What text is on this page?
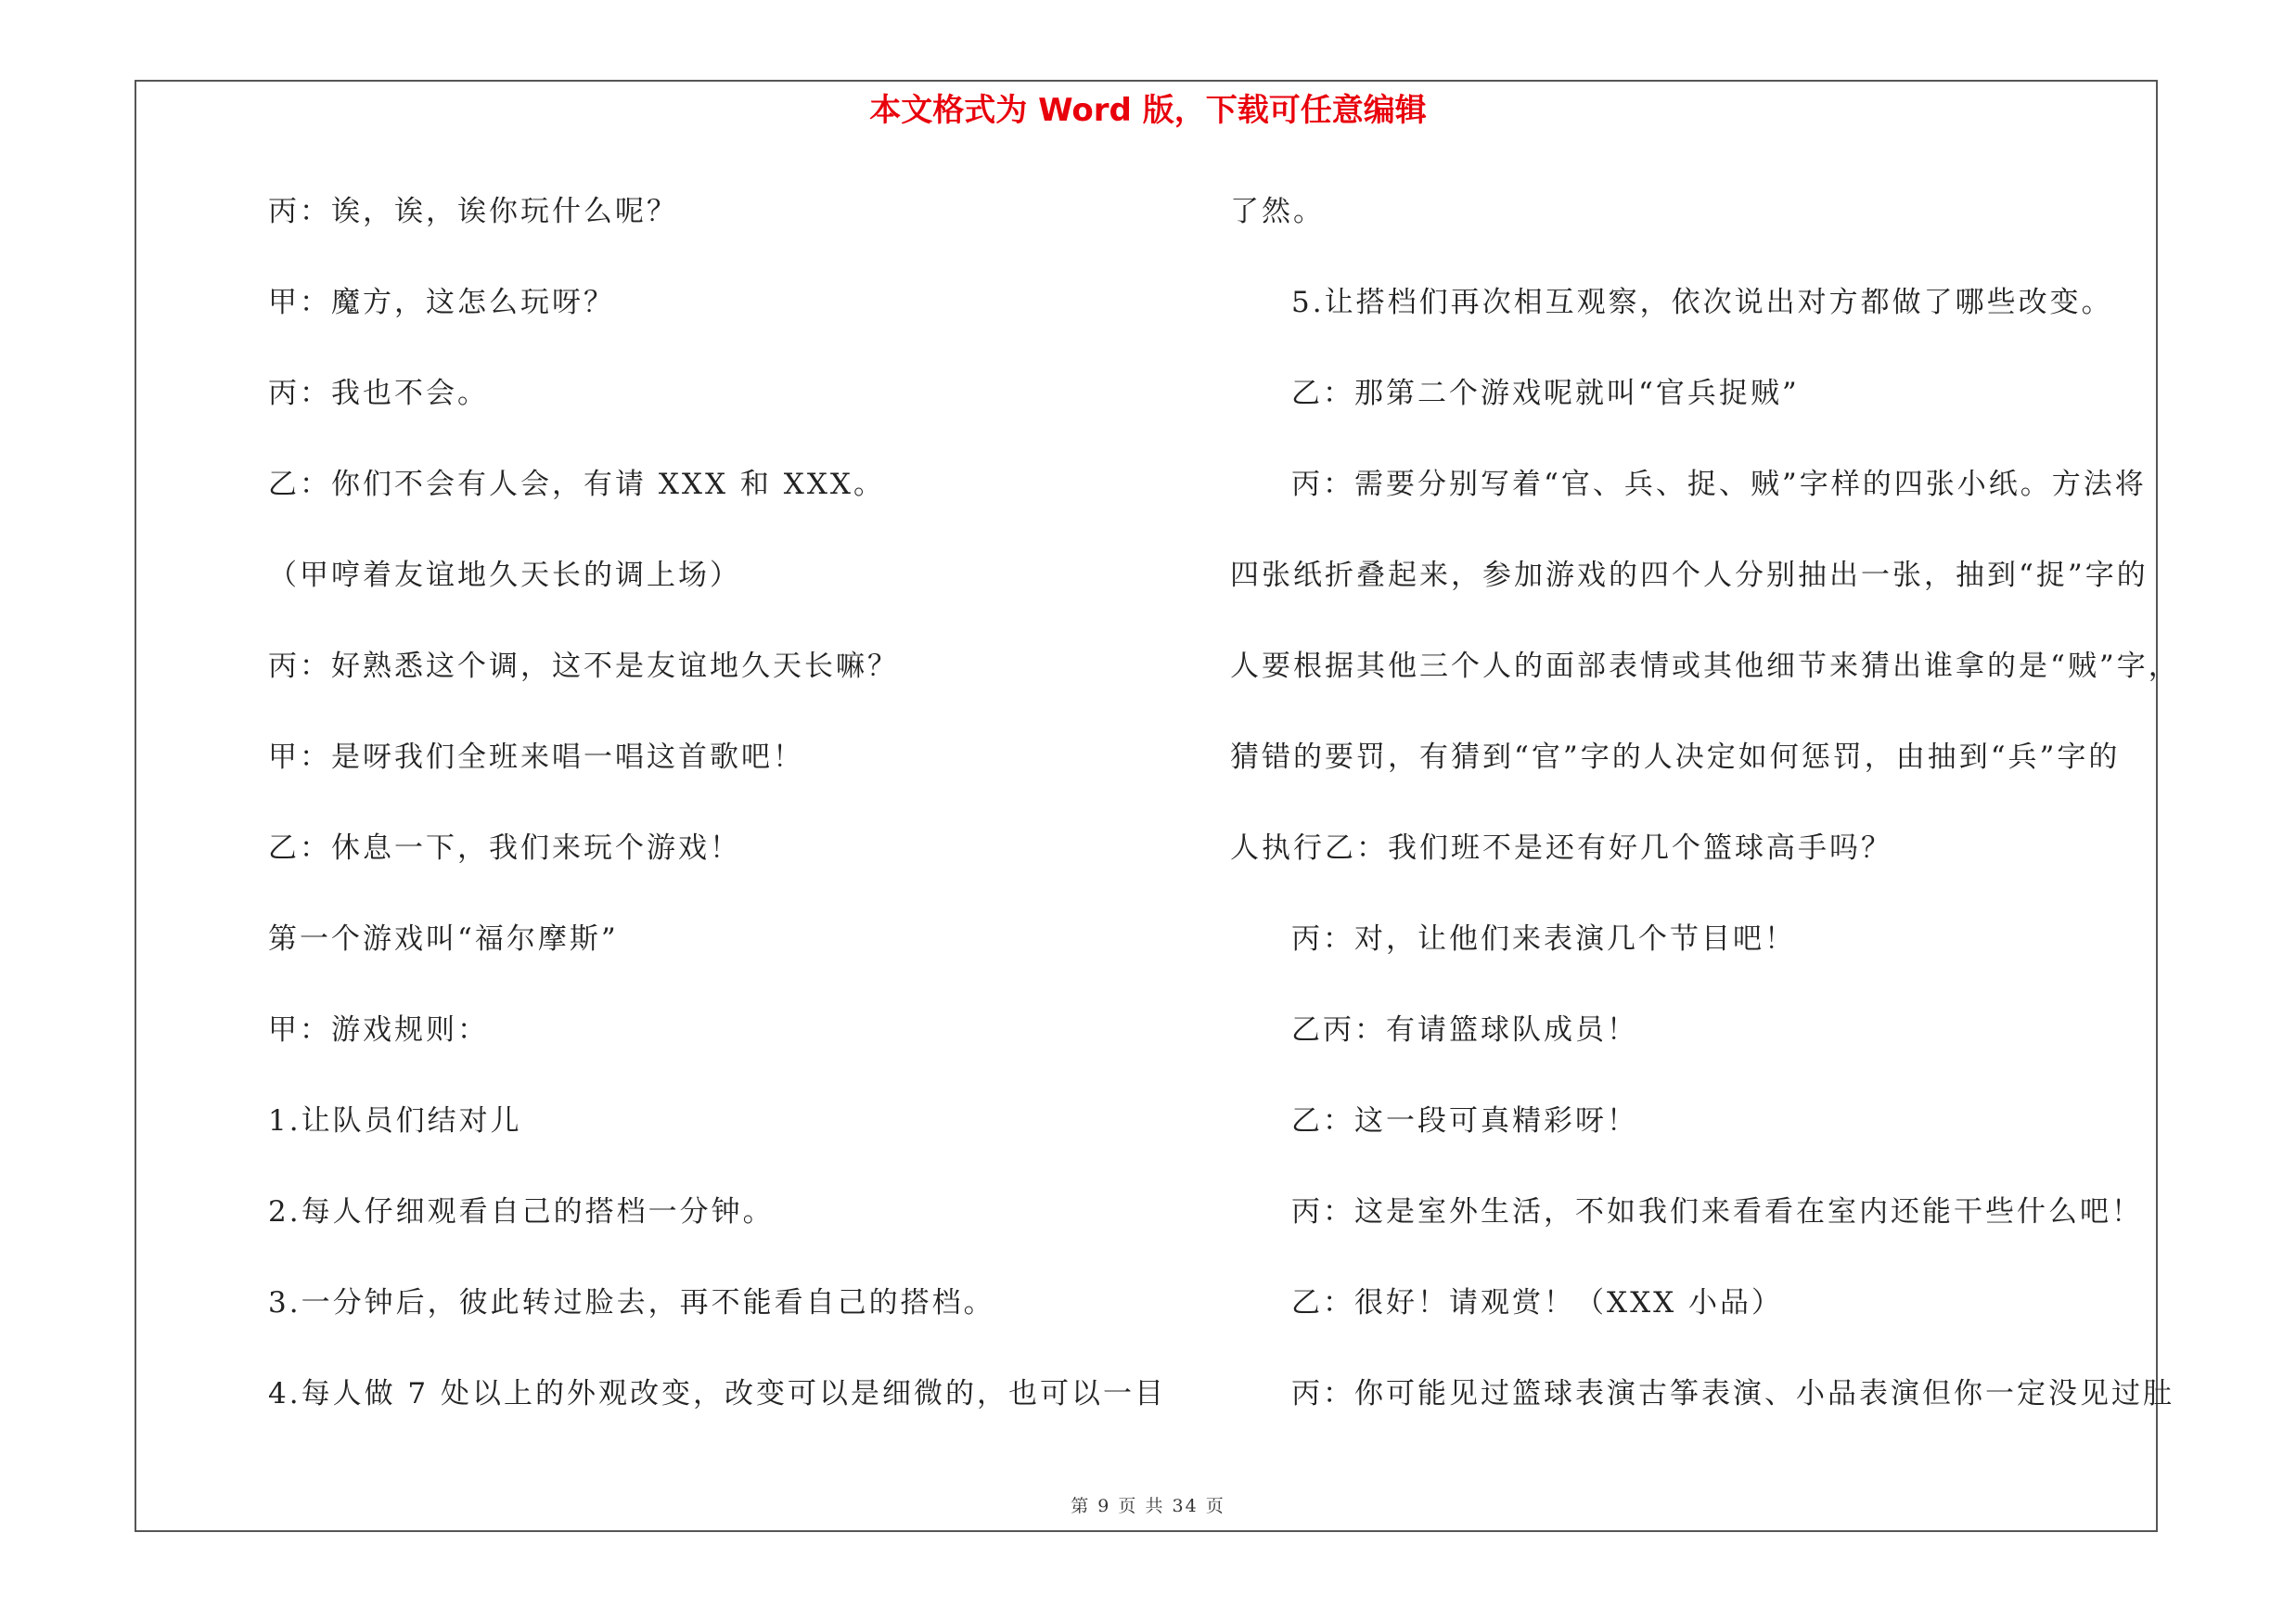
本文格式为 Word 版，下载可任意编辑
丙：诶，诶，诶你玩什么呢？
甲：魔方，这怎么玩呀？
丙：我也不会。
乙：你们不会有人会，有请 XXX 和 XXX。
（甲哼着友谊地久天长的调上场）
丙：好熟悉这个调，这不是友谊地久天长嘛？
甲：是呀我们全班来唱一唱这首歌吧！
乙：休息一下，我们来玩个游戏！
第一个游戏叫“福尔摩斯”
甲：游戏规则：
1.让队员们结对儿
2.每人仔细观看自己的搭档一分钟。
3.一分钟后，彼此转过脸去，再不能看自己的搭档。
4.每人做 7 处以上的外观改变，改变可以是细微的，也可以一目
了然。
5.让搭档们再次相互观察，依次说出对方都做了哪些改变。
乙：那第二个游戏呢就叫“官兵捉贼”
丙：需要分别写着“官、兵、捉、贼”字样的四张小纸。方法将
四张纸折叠起来，参加游戏的四个人分别抽出一张，抽到“捉”字的
人要根据其他三个人的面部表情或其他细节来猜出谁拿的是“贼”字，
猜错的要罚，有猜到“官”字的人决定如何惩罚，由抽到“兵”字的
人执行乙：我们班不是还有好几个篮球高手吗？
丙：对，让他们来表演几个节目吧！
乙丙：有请篮球队成员！
乙：这一段可真精彩呀！
丙：这是室外生活，不如我们来看看在室内还能干些什么吧！
乙：很好！请观赏！（XXX 小品）
丙：你可能见过篮球表演古筝表演、小品表演但你一定没见过肚
第 9 页 共 34 页
